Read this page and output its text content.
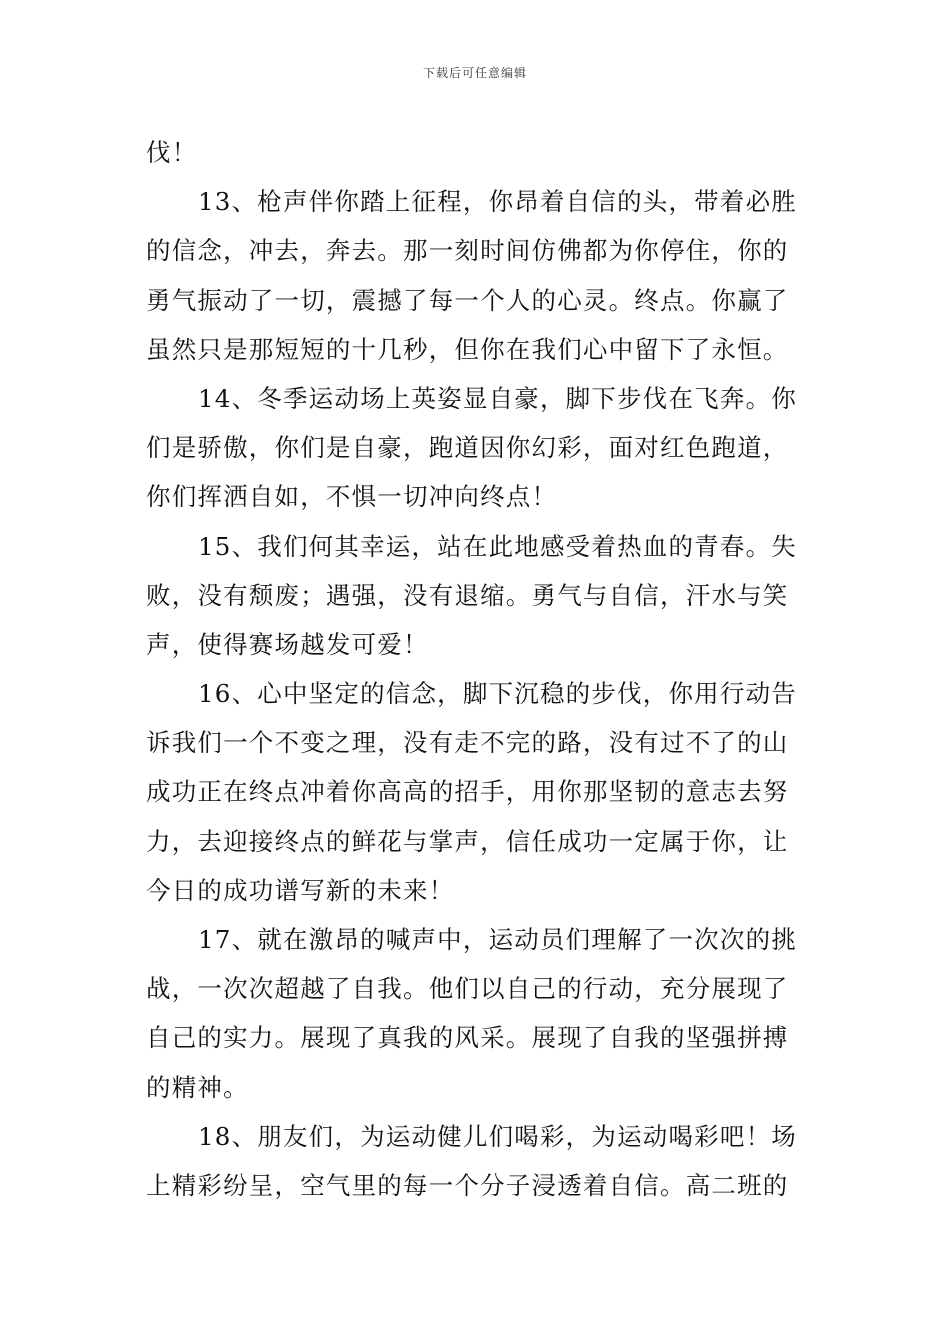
下载后可任意编辑
伐！
13、枪声伴你踏上征程，你昂着自信的头，带着必胜
的信念，冲去，奔去。那一刻时间仿佛都为你停住，你的
勇气振动了一切，震撼了每一个人的心灵。终点。你赢了
虽然只是那短短的十几秒，但你在我们心中留下了永恒。
14、冬季运动场上英姿显自豪，脚下步伐在飞奔。你
们是骄傲，你们是自豪，跑道因你幻彩，面对红色跑道，
你们挥洒自如，不惧一切冲向终点！
15、我们何其幸运，站在此地感受着热血的青春。失
败，没有颓废；遇强，没有退缩。勇气与自信，汗水与笑
声，使得赛场越发可爱！
16、心中坚定的信念，脚下沉稳的步伐，你用行动告
诉我们一个不变之理，没有走不完的路，没有过不了的山
成功正在终点冲着你高高的招手，用你那坚韧的意志去努
力，去迎接终点的鲜花与掌声，信任成功一定属于你，让
今日的成功谱写新的未来！
17、就在激昂的喊声中，运动员们理解了一次次的挑
战，一次次超越了自我。他们以自己的行动，充分展现了
自己的实力。展现了真我的风采。展现了自我的坚强拼搏
的精神。
18、朋友们，为运动健儿们喝彩，为运动喝彩吧！场
上精彩纷呈，空气里的每一个分子浸透着自信。高二班的
